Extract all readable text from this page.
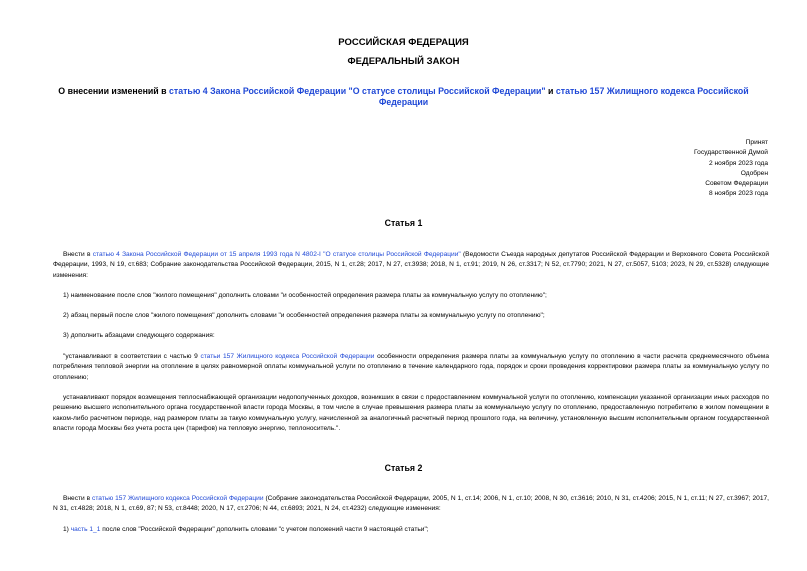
РОССИЙСКАЯ ФЕДЕРАЦИЯ
ФЕДЕРАЛЬНЫЙ ЗАКОН
О внесении изменений в статью 4 Закона Российской Федерации "О статусе столицы Российской Федерации" и статью 157 Жилищного кодекса Российской Федерации
Принят
Государственной Думой
2 ноября 2023 года
Одобрен
Советом Федерации
8 ноября 2023 года
Статья 1
Внести в статью 4 Закона Российской Федерации от 15 апреля 1993 года N 4802-I "О статусе столицы Российской Федерации" (Ведомости Съезда народных депутатов Российской Федерации и Верховного Совета Российской Федерации, 1993, N 19, ст.683; Собрание законодательства Российской Федерации, 2015, N 1, ст.28; 2017, N 27, ст.3938; 2018, N 1, ст.91; 2019, N 26, ст.3317; N 52, ст.7790; 2021, N 27, ст.5057, 5103; 2023, N 29, ст.5328) следующие изменения:
1) наименование после слов "жилого помещения" дополнить словами "и особенностей определения размера платы за коммунальную услугу по отоплению";
2) абзац первый после слов "жилого помещения" дополнить словами "и особенностей определения размера платы за коммунальную услугу по отоплению";
3) дополнить абзацами следующего содержания:
"устанавливают в соответствии с частью 9 статьи 157 Жилищного кодекса Российской Федерации особенности определения размера платы за коммунальную услугу по отоплению в части расчета среднемесячного объема потребления тепловой энергии на отопление в целях равномерной оплаты коммунальной услуги по отоплению в течение календарного года, порядок и сроки проведения корректировки размера платы за коммунальную услугу по отоплению;
устанавливают порядок возмещения теплоснабжающей организации недополученных доходов, возникших в связи с предоставлением коммунальной услуги по отоплению, компенсации указанной организации иных расходов по решению высшего исполнительного органа государственной власти города Москвы, в том числе в случае превышения размера платы за коммунальную услугу по отоплению, предоставленную потребителю в жилом помещении в каком-либо расчетном периоде, над размером платы за такую коммунальную услугу, начисленной за аналогичный расчетный период прошлого года, на величину, установленную высшим исполнительным органом государственной власти города Москвы без учета роста цен (тарифов) на тепловую энергию, теплоноситель.".
Статья 2
Внести в статью 157 Жилищного кодекса Российской Федерации (Собрание законодательства Российской Федерации, 2005, N 1, ст.14; 2006, N 1, ст.10; 2008, N 30, ст.3616; 2010, N 31, ст.4206; 2015, N 1, ст.11; N 27, ст.3967; 2017, N 31, ст.4828; 2018, N 1, ст.69, 87; N 53, ст.8448; 2020, N 17, ст.2706; N 44, ст.6893; 2021, N 24, ст.4232) следующие изменения:
1) часть 1_1 после слов "Российской Федерации" дополнить словами "с учетом положений части 9 настоящей статьи";
